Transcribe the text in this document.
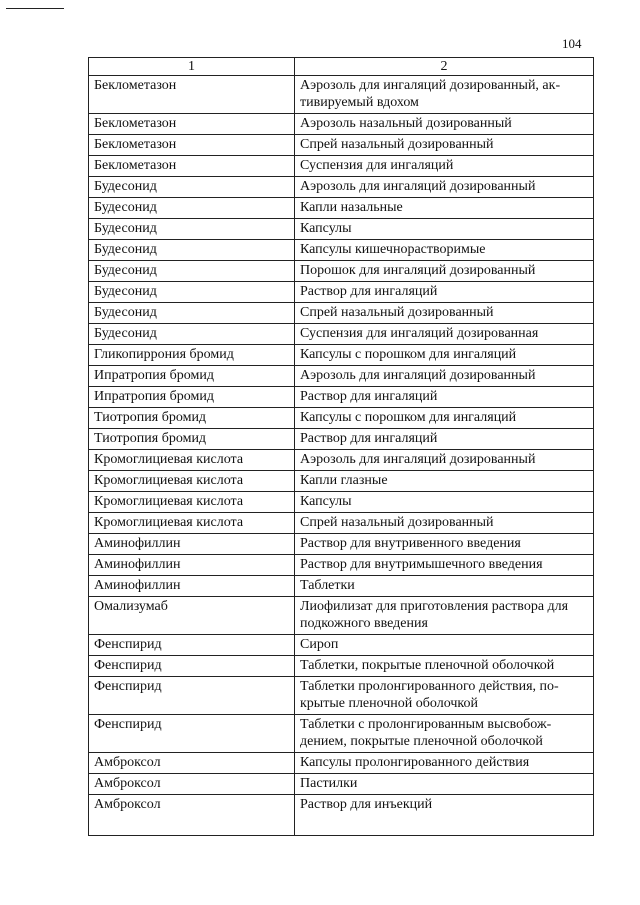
104
1	2
Беклометазон	Аэрозоль для ингаляций дозированный, ак-тивируемый вдохом
Беклометазон	Аэрозоль назальный дозированный
Беклометазон	Спрей назальный дозированный
Беклометазон	Суспензия для ингаляций
Будесонид	Аэрозоль для ингаляций дозированный
Будесонид	Капли назальные
Будесонид	Капсулы
Будесонид	Капсулы кишечнорастворимые
Будесонид	Порошок для ингаляций дозированный
Будесонид	Раствор для ингаляций
Будесонид	Спрей назальный дозированный
Будесонид	Суспензия для ингаляций дозированная
Гликопиррония бромид	Капсулы с порошком для ингаляций
Ипратропия бромид	Аэрозоль для ингаляций дозированный
Ипратропия бромид	Раствор для ингаляций
Тиотропия бромид	Капсулы с порошком для ингаляций
Тиотропия бромид	Раствор для ингаляций
Кромоглициевая кислота	Аэрозоль для ингаляций дозированный
Кромоглициевая кислота	Капли глазные
Кромоглициевая кислота	Капсулы
Кромоглициевая кислота	Спрей назальный дозированный
Аминофиллин	Раствор для внутривенного введения
Аминофиллин	Раствор для внутримышечного введения
Аминофиллин	Таблетки
Омализумаб	Лиофилизат для приготовления раствора для подкожного введения
Фенспирид	Сироп
Фенспирид	Таблетки, покрытые пленочной оболочкой
Фенспирид	Таблетки пролонгированного действия, по-крытые пленочной оболочкой
Фенспирид	Таблетки с пролонгированным высвобож-дением, покрытые пленочной оболочкой
Амброксол	Капсулы пролонгированного действия
Амброксол	Пастилки
Амброксол	Раствор для инъекций
